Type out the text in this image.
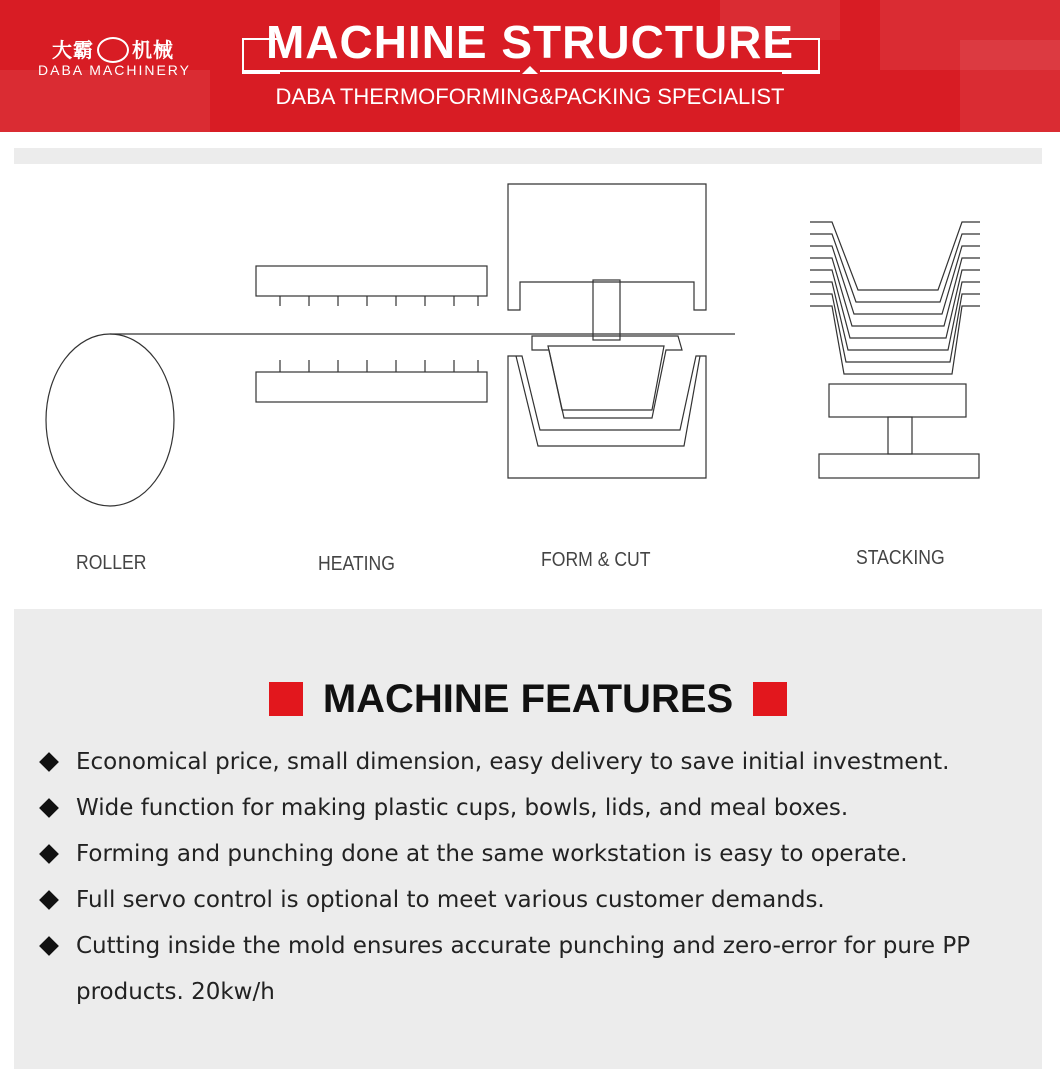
大霸 机械
DABA MACHINERY
MACHINE STRUCTURE
DABA THERMOFORMING&PACKING SPECIALIST
ROLLER	HEATING	FORM & CUT	STACKING
MACHINE FEATURES
Economical price, small dimension, easy delivery to save initial investment.
Wide function for making plastic cups, bowls, lids, and meal boxes.
Forming and punching done at the same workstation is easy to operate.
Full servo control is optional to meet various customer demands.
Cutting inside the mold ensures accurate punching and zero-error for pure PP products. 20kw/h
